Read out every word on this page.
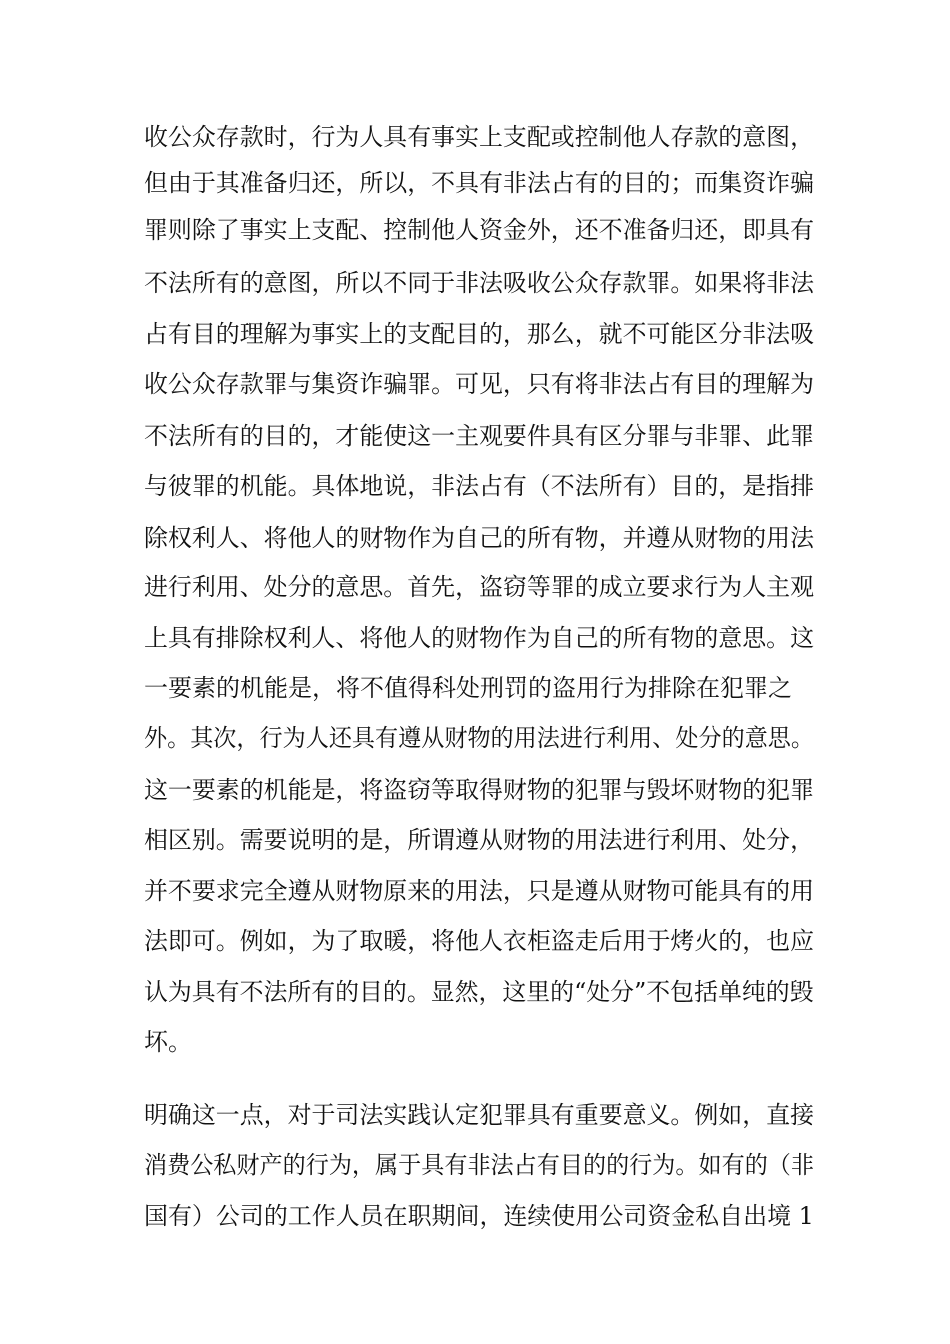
收公众存款时，行为人具有事实上支配或控制他人存款的意图，
但由于其准备归还，所以，不具有非法占有的目的；而集资诈骗
罪则除了事实上支配、控制他人资金外，还不准备归还，即具有
不法所有的意图，所以不同于非法吸收公众存款罪。如果将非法
占有目的理解为事实上的支配目的，那么，就不可能区分非法吸
收公众存款罪与集资诈骗罪。可见，只有将非法占有目的理解为
不法所有的目的，才能使这一主观要件具有区分罪与非罪、此罪
与彼罪的机能。具体地说，非法占有（不法所有）目的，是指排
除权利人、将他人的财物作为自己的所有物，并遵从财物的用法
进行利用、处分的意思。首先，盗窃等罪的成立要求行为人主观
上具有排除权利人、将他人的财物作为自己的所有物的意思。这
一要素的机能是，将不值得科处刑罚的盗用行为排除在犯罪之
外。其次，行为人还具有遵从财物的用法进行利用、处分的意思。
这一要素的机能是，将盗窃等取得财物的犯罪与毁坏财物的犯罪
相区别。需要说明的是，所谓遵从财物的用法进行利用、处分，
并不要求完全遵从财物原来的用法，只是遵从财物可能具有的用
法即可。例如，为了取暖，将他人衣柜盗走后用于烤火的，也应
认为具有不法所有的目的。显然，这里的“处分”不包括单纯的毁
坏。
明确这一点，对于司法实践认定犯罪具有重要意义。例如，直接
消费公私财产的行为，属于具有非法占有目的的行为。如有的（非
国有）公司的工作人员在职期间，连续使用公司资金私自出境 1
